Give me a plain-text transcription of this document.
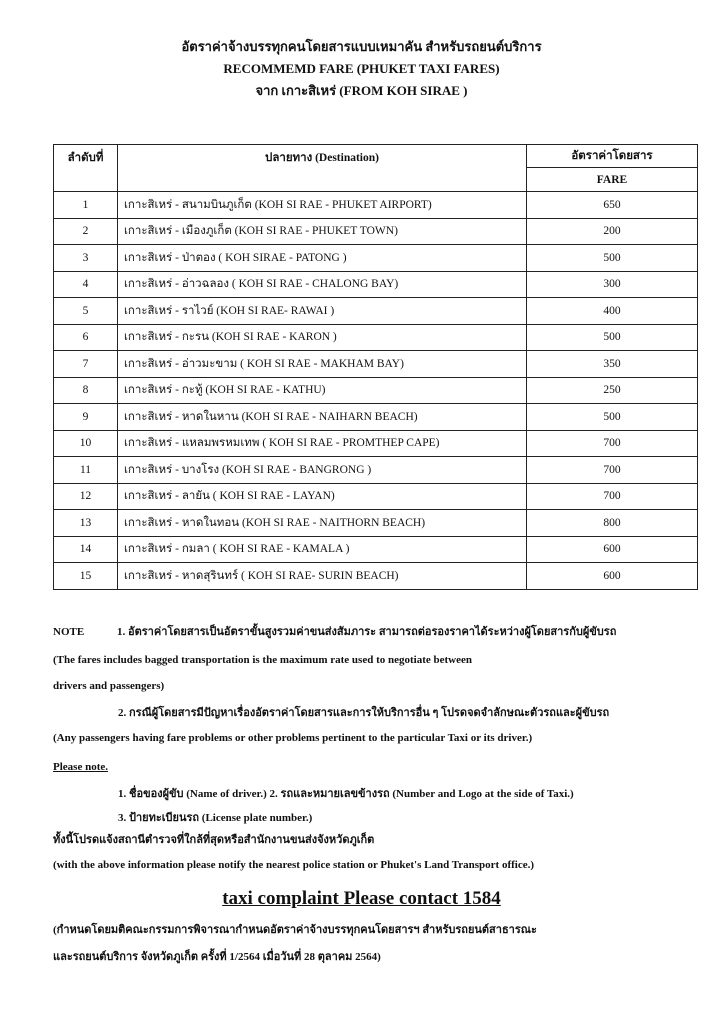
อัตราค่าจ้างบรรทุกคนโดยสารแบบเหมาคัน สำหรับรถยนต์บริการ
RECOMMEMD FARE (PHUKET TAXI FARES)
จาก เกาะสิเหร่ (FROM KOH SIRAE )
ลำดับที่	ปลายทาง (Destination)	อัตราค่าโดยสาร
		FARE
1	เกาะสิเหร่ - สนามบินภูเก็ต (KOH SI RAE - PHUKET AIRPORT)	650
2	เกาะสิเหร่ - เมืองภูเก็ต (KOH SI RAE - PHUKET TOWN)	200
3	เกาะสิเหร่ - ป่าตอง ( KOH SIRAE - PATONG )	500
4	เกาะสิเหร่ - อ่าวฉลอง ( KOH SI RAE - CHALONG BAY)	300
5	เกาะสิเหร่ - ราไวย์ (KOH SI RAE- RAWAI )	400
6	เกาะสิเหร่ - กะรน (KOH SI RAE - KARON )	500
7	เกาะสิเหร่ - อ่าวมะขาม ( KOH SI RAE - MAKHAM BAY)	350
8	เกาะสิเหร่ - กะทู้ (KOH SI RAE - KATHU)	250
9	เกาะสิเหร่ - หาดในหาน (KOH SI RAE - NAIHARN BEACH)	500
10	เกาะสิเหร่ - แหลมพรหมเทพ ( KOH SI RAE - PROMTHEP CAPE)	700
11	เกาะสิเหร่ - บางโรง (KOH SI RAE - BANGRONG )	700
12	เกาะสิเหร่ - ลายัน ( KOH SI RAE - LAYAN)	700
13	เกาะสิเหร่ - หาดในทอน (KOH SI RAE - NAITHORN BEACH)	800
14	เกาะสิเหร่ - กมลา ( KOH SI RAE - KAMALA )	600
15	เกาะสิเหร่ - หาดสุรินทร์ ( KOH SI RAE- SURIN BEACH)	600
NOTE	1. อัตราค่าโดยสารเป็นอัตราขั้นสูงรวมค่าขนส่งสัมภาระ สามารถต่อรองราคาได้ระหว่างผู้โดยสารกับผู้ขับรถ
(The fares includes bagged transportation is the maximum rate used to negotiate between
drivers and passengers)
2. กรณีผู้โดยสารมีปัญหาเรื่องอัตราค่าโดยสารและการให้บริการอื่น ๆ โปรดจดจำลักษณะตัวรถและผู้ขับรถ
(Any passengers having fare problems or other problems pertinent to the particular Taxi or its driver.)
Please note.
1. ชื่อของผู้ขับ (Name of driver.) 2. รถและหมายเลขข้างรถ (Number and Logo at the side of Taxi.)
3. ป้ายทะเบียนรถ (License plate number.)
ทั้งนี้โปรดแจ้งสถานีตำรวจที่ใกล้ที่สุดหรือสำนักงานขนส่งจังหวัดภูเก็ต
(with the above information please notify the nearest police station or Phuket's Land Transport office.)
taxi complaint Please contact 1584
(กำหนดโดยมติคณะกรรมการพิจารณากำหนดอัตราค่าจ้างบรรทุกคนโดยสารฯ สำหรับรถยนต์สาธารณะ
และรถยนต์บริการ จังหวัดภูเก็ต ครั้งที่ 1/2564 เมื่อวันที่ 28 ตุลาคม 2564)
